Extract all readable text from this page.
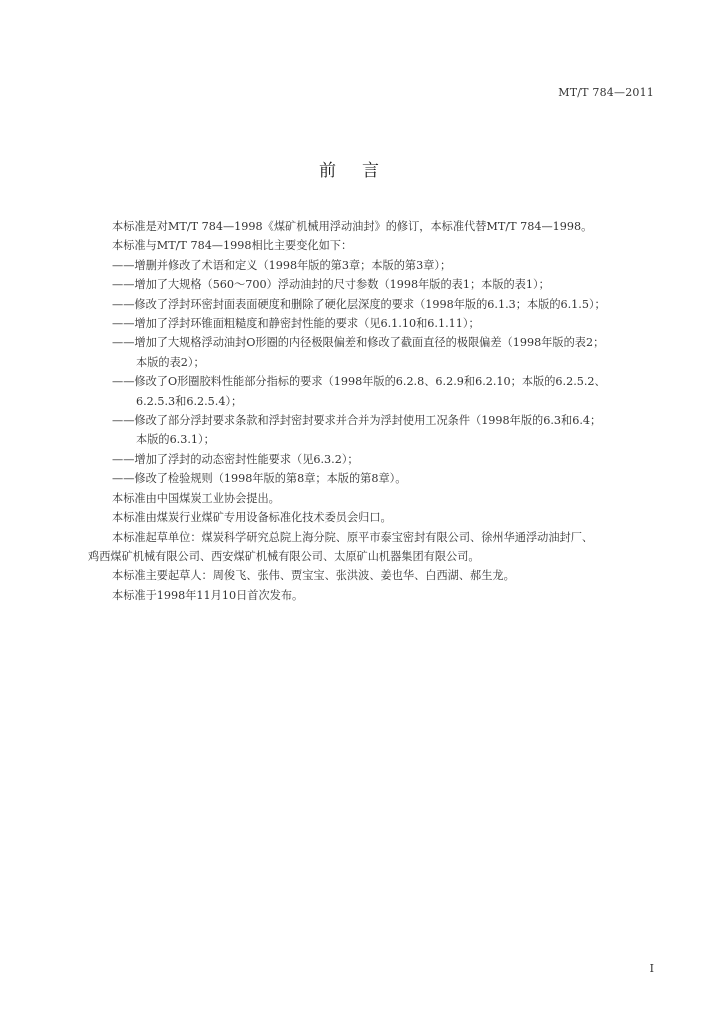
MT/T 784—2011
前言

本标准是对MT/T 784—1998《煤矿机械用浮动油封》的修订，本标准代替MT/T 784—1998。

本标准与MT/T 784—1998相比主要变化如下：

——增删并修改了术语和定义（1998年版的第3章；本版的第3章）；

——增加了大规格（560～700）浮动油封的尺寸参数（1998年版的表1；本版的表1）；

——修改了浮封环密封面表面硬度和删除了硬化层深度的要求（1998年版的6.1.3；本版的6.1.5）；

——增加了浮封环锥面粗糙度和静密封性能的要求（见6.1.10和6.1.11）；

——增加了大规格浮动油封O形圈的内径极限偏差和修改了截面直径的极限偏差（1998年版的表2；

本版的表2）；

——修改了O形圈胶料性能部分指标的要求（1998年版的6.2.8、6.2.9和6.2.10；本版的6.2.5.2、

6.2.5.3和6.2.5.4）；

——修改了部分浮封要求条款和浮封密封要求并合并为浮封使用工况条件（1998年版的6.3和6.4；

本版的6.3.1）；

——增加了浮封的动态密封性能要求（见6.3.2）；

——修改了检验规则（1998年版的第8章；本版的第8章）。

本标准由中国煤炭工业协会提出。

本标准由煤炭行业煤矿专用设备标准化技术委员会归口。

本标准起草单位：煤炭科学研究总院上海分院、原平市泰宝密封有限公司、徐州华通浮动油封厂、

鸡西煤矿机械有限公司、西安煤矿机械有限公司、太原矿山机器集团有限公司。

本标准主要起草人：周俊飞、张伟、贾宝宝、张洪波、姜也华、白西湖、郝生龙。

本标准于1998年11月10日首次发布。

I
